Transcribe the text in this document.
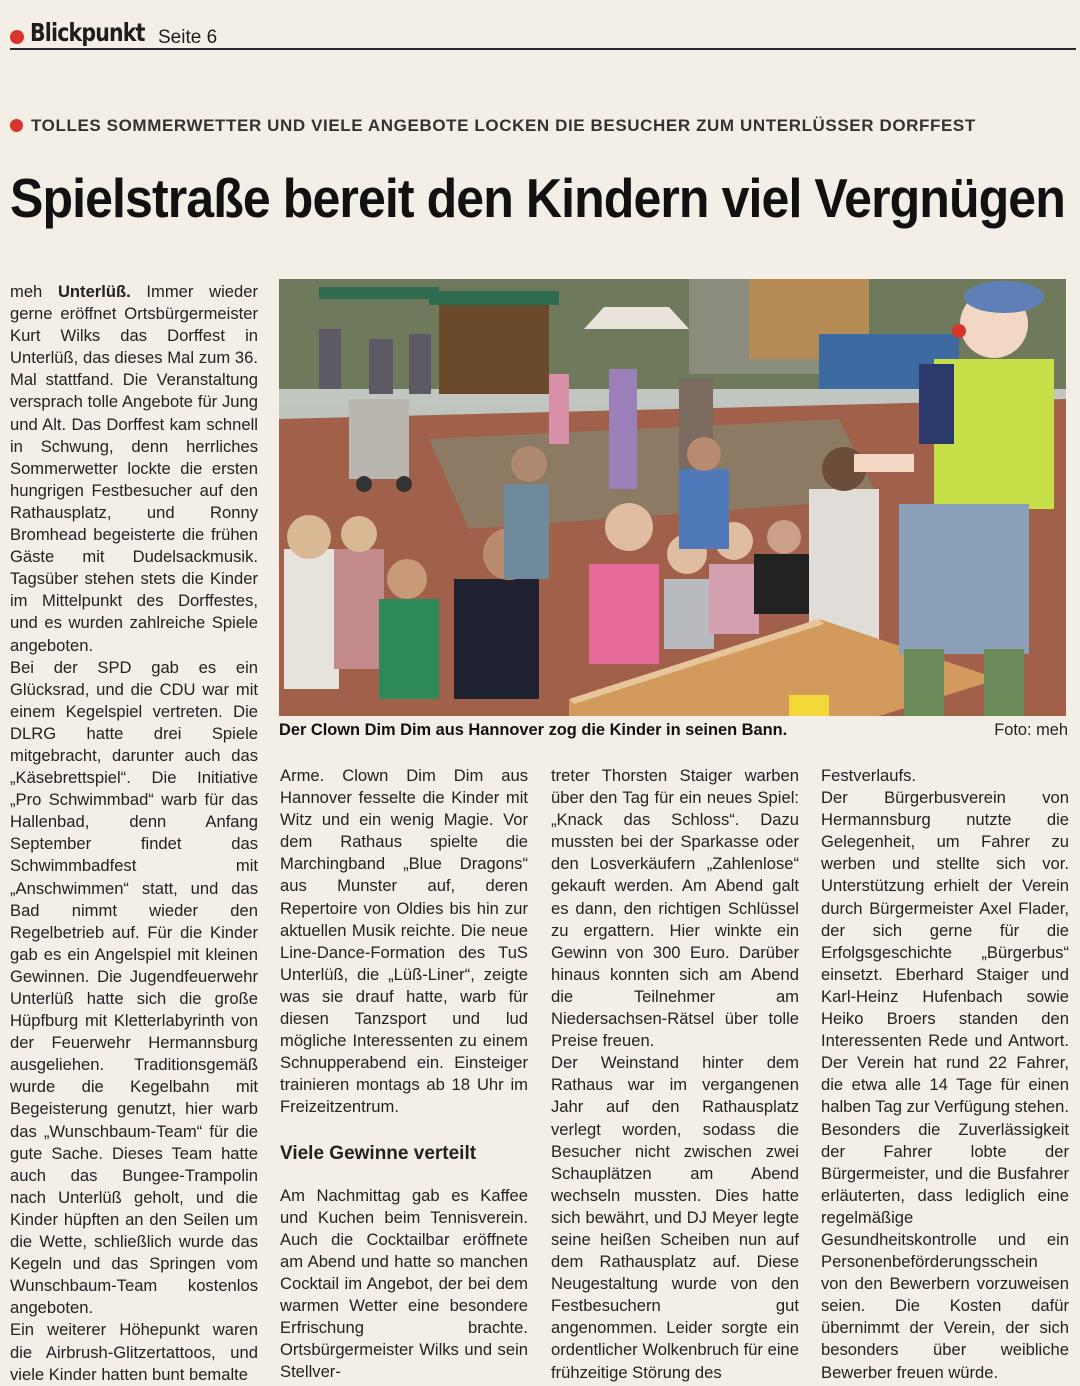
Blickpunkt Seite 6
TOLLES SOMMERWETTER UND VIELE ANGEBOTE LOCKEN DIE BESUCHER ZUM UNTERLÜSSER DORFFEST
Spielstraße bereit den Kindern viel Vergnügen

meh Unterlüß. Immer wieder gerne eröffnet Ortsbürgermeister Kurt Wilks das Dorffest in Unterlüß, das dieses Mal zum 36. Mal stattfand. Die Veranstaltung versprach tolle Angebote für Jung und Alt. Das Dorffest kam schnell in Schwung, denn herrliches Sommerwetter lockte die ersten hungrigen Festbesucher auf den Rathausplatz, und Ronny Bromhead begeisterte die frühen Gäste mit Dudelsackmusik. Tagsüber stehen stets die Kinder im Mittelpunkt des Dorffestes, und es wurden zahlreiche Spiele angeboten.

Bei der SPD gab es ein Glücksrad, und die CDU war mit einem Kegelspiel vertreten. Die DLRG hatte drei Spiele mitgebracht, darunter auch das „Käsebrettspiel“. Die Initiative „Pro Schwimmbad“ warb für das Hallenbad, denn Anfang September findet das Schwimmbadfest mit „Anschwimmen“ statt, und das Bad nimmt wieder den Regelbetrieb auf. Für die Kinder gab es ein Angelspiel mit kleinen Gewinnen. Die Jugendfeuerwehr Unterlüß hatte sich die große Hüpfburg mit Kletterlabyrinth von der Feuerwehr Hermannsburg ausgeliehen. Traditionsgemäß wurde die Kegelbahn mit Begeisterung genutzt, hier warb das „Wunschbaum-Team“ für die gute Sache. Dieses Team hatte auch das Bungee-Trampolin nach Unterlüß geholt, und die Kinder hüpften an den Seilen um die Wette, schließlich wurde das Kegeln und das Springen vom Wunschbaum-Team kostenlos angeboten.

Ein weiterer Höhepunkt waren die Airbrush-Glitzertattoos, und viele Kinder hatten bunt bemalte

Der Clown Dim Dim aus Hannover zog die Kinder in seinen Bann.	Foto: meh

Arme. Clown Dim Dim aus Hannover fesselte die Kinder mit Witz und ein wenig Magie. Vor dem Rathaus spielte die Marchingband „Blue Dragons“ aus Munster auf, deren Repertoire von Oldies bis hin zur aktuellen Musik reichte. Die neue Line-Dance-Formation des TuS Unterlüß, die „Lüß-Liner“, zeigte was sie drauf hatte, warb für diesen Tanzsport und lud mögliche Interessenten zu einem Schnupperabend ein. Einsteiger trainieren montags ab 18 Uhr im Freizeitzentrum.

Viele Gewinne verteilt

Am Nachmittag gab es Kaffee und Kuchen beim Tennisverein. Auch die Cocktailbar eröffnete am Abend und hatte so manchen Cocktail im Angebot, der bei dem warmen Wetter eine besondere Erfrischung brachte. Ortsbürgermeister Wilks und sein Stellver-

treter Thorsten Staiger warben über den Tag für ein neues Spiel: „Knack das Schloss“. Dazu mussten bei der Sparkasse oder den Losverkäufern „Zahlenlose“ gekauft werden. Am Abend galt es dann, den richtigen Schlüssel zu ergattern. Hier winkte ein Gewinn von 300 Euro. Darüber hinaus konnten sich am Abend die Teilnehmer am Niedersachsen-Rätsel über tolle Preise freuen.

Der Weinstand hinter dem Rathaus war im vergangenen Jahr auf den Rathausplatz verlegt worden, sodass die Besucher nicht zwischen zwei Schauplätzen am Abend wechseln mussten. Dies hatte sich bewährt, und DJ Meyer legte seine heißen Scheiben nun auf dem Rathausplatz auf. Diese Neugestaltung wurde von den Festbesuchern gut angenommen. Leider sorgte ein ordentlicher Wolkenbruch für eine frühzeitige Störung des

Festverlaufs.

Der Bürgerbusverein von Hermannsburg nutzte die Gelegenheit, um Fahrer zu werben und stellte sich vor. Unterstützung erhielt der Verein durch Bürgermeister Axel Flader, der sich gerne für die Erfolgsgeschichte „Bürgerbus“ einsetzt. Eberhard Staiger und Karl-Heinz Hufenbach sowie Heiko Broers standen den Interessenten Rede und Antwort. Der Verein hat rund 22 Fahrer, die etwa alle 14 Tage für einen halben Tag zur Verfügung stehen. Besonders die Zuverlässigkeit der Fahrer lobte der Bürgermeister, und die Busfahrer erläuterten, dass lediglich eine regelmäßige Gesundheitskontrolle und ein Personenbeförderungsschein von den Bewerbern vorzuweisen seien. Die Kosten dafür übernimmt der Verein, der sich besonders über weibliche Bewerber freuen würde.
